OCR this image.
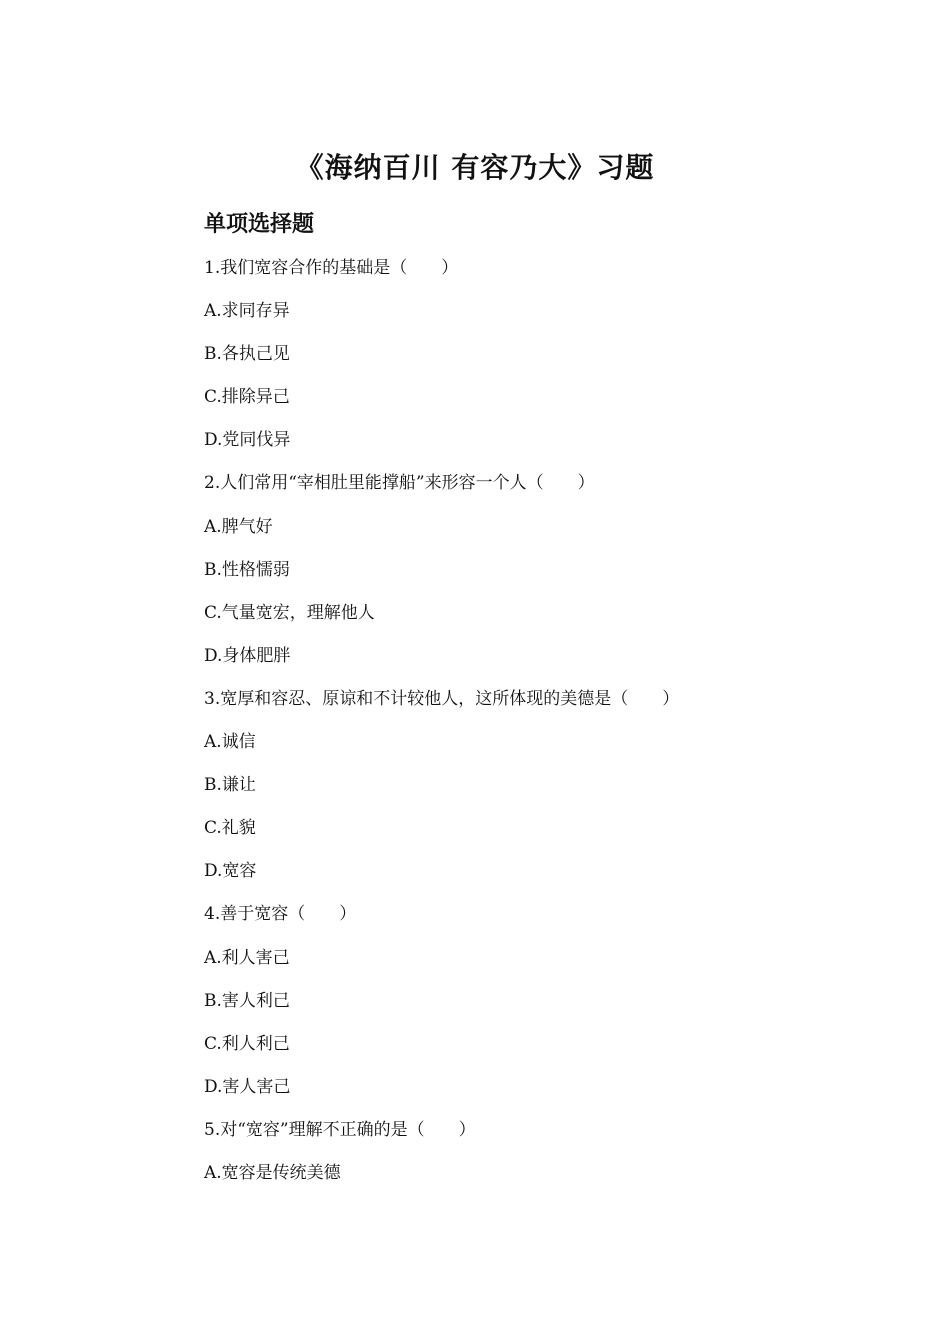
《海纳百川 有容乃大》习题
单项选择题
1.我们宽容合作的基础是（　　）
A.求同存异
B.各执己见
C.排除异己
D.党同伐异
2.人们常用“宰相肚里能撑船”来形容一个人（　　）
A.脾气好
B.性格懦弱
C.气量宽宏，理解他人
D.身体肥胖
3.宽厚和容忍、原谅和不计较他人，这所体现的美德是（　　）
A.诚信
B.谦让
C.礼貌
D.宽容
4.善于宽容（　　）
A.利人害己
B.害人利己
C.利人利己
D.害人害己
5.对“宽容”理解不正确的是（　　）
A.宽容是传统美德
